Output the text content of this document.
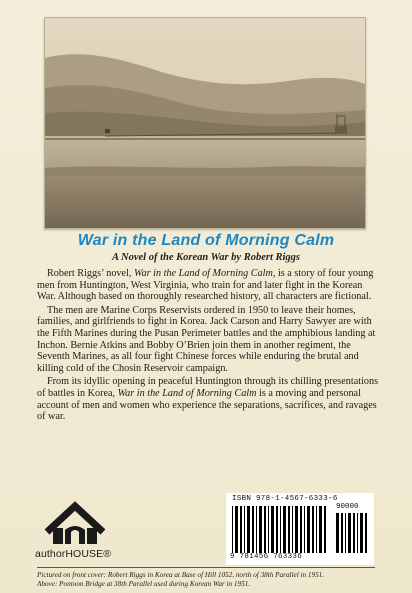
War in the Land of Morning Calm
A Novel of the Korean War by Robert Riggs

Robert Riggs’ novel, War in the Land of Morning Calm, is a story of four young men from Huntington, West Virginia, who train for and later fight in the Korean War. Although based on thoroughly researched history, all characters are fictional.

The men are Marine Corps Reservists ordered in 1950 to leave their homes, families, and girlfriends to fight in Korea. Jack Carson and Harry Sawyer are with the Fifth Marines during the Pusan Perimeter battles and the amphibious landing at Inchon. Bernie Atkins and Bobby O’Brien join them in another regiment, the Seventh Marines, as all four fight Chinese forces while enduring the brutal and killing cold of the Chosin Reservoir campaign.

From its idyllic opening in peaceful Huntington through its chilling presentations of battles in Korea, War in the Land of Morning Calm is a moving and personal account of men and women who experience the separations, sacrifices, and ravages of war.

authorHOUSE®
ISBN 978-1-4567-6333-6
90000
9 781456 763336
Pictured on front cover: Robert Riggs in Korea at Base of Hill 1052, north of 38th Parallel in 1951.
Above: Pontoon Bridge at 38th Parallel used during Korean War in 1951.
